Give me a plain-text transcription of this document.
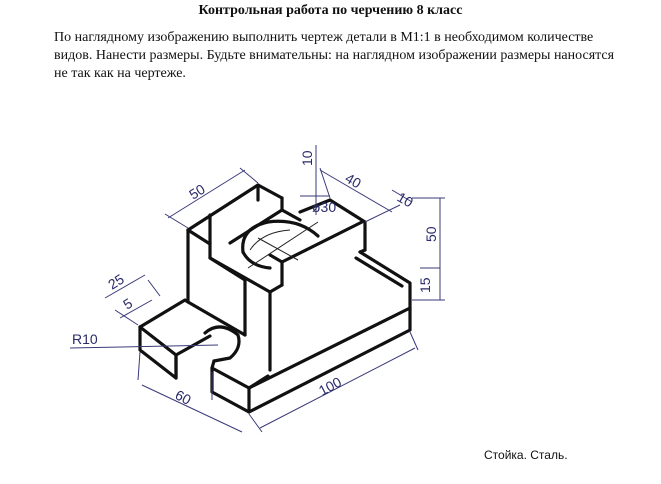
Контрольная работа по черчению 8 класс
По наглядному изображению выполнить чертеж детали в М1:1 в необходимом количестве видов. Нанести размеры. Будьте внимательны: на наглядном изображении размеры наносятся не так как на чертеже.
50
10
40
10
ø30
50
15
25
5
R10
60	100
Стойка. Сталь.
